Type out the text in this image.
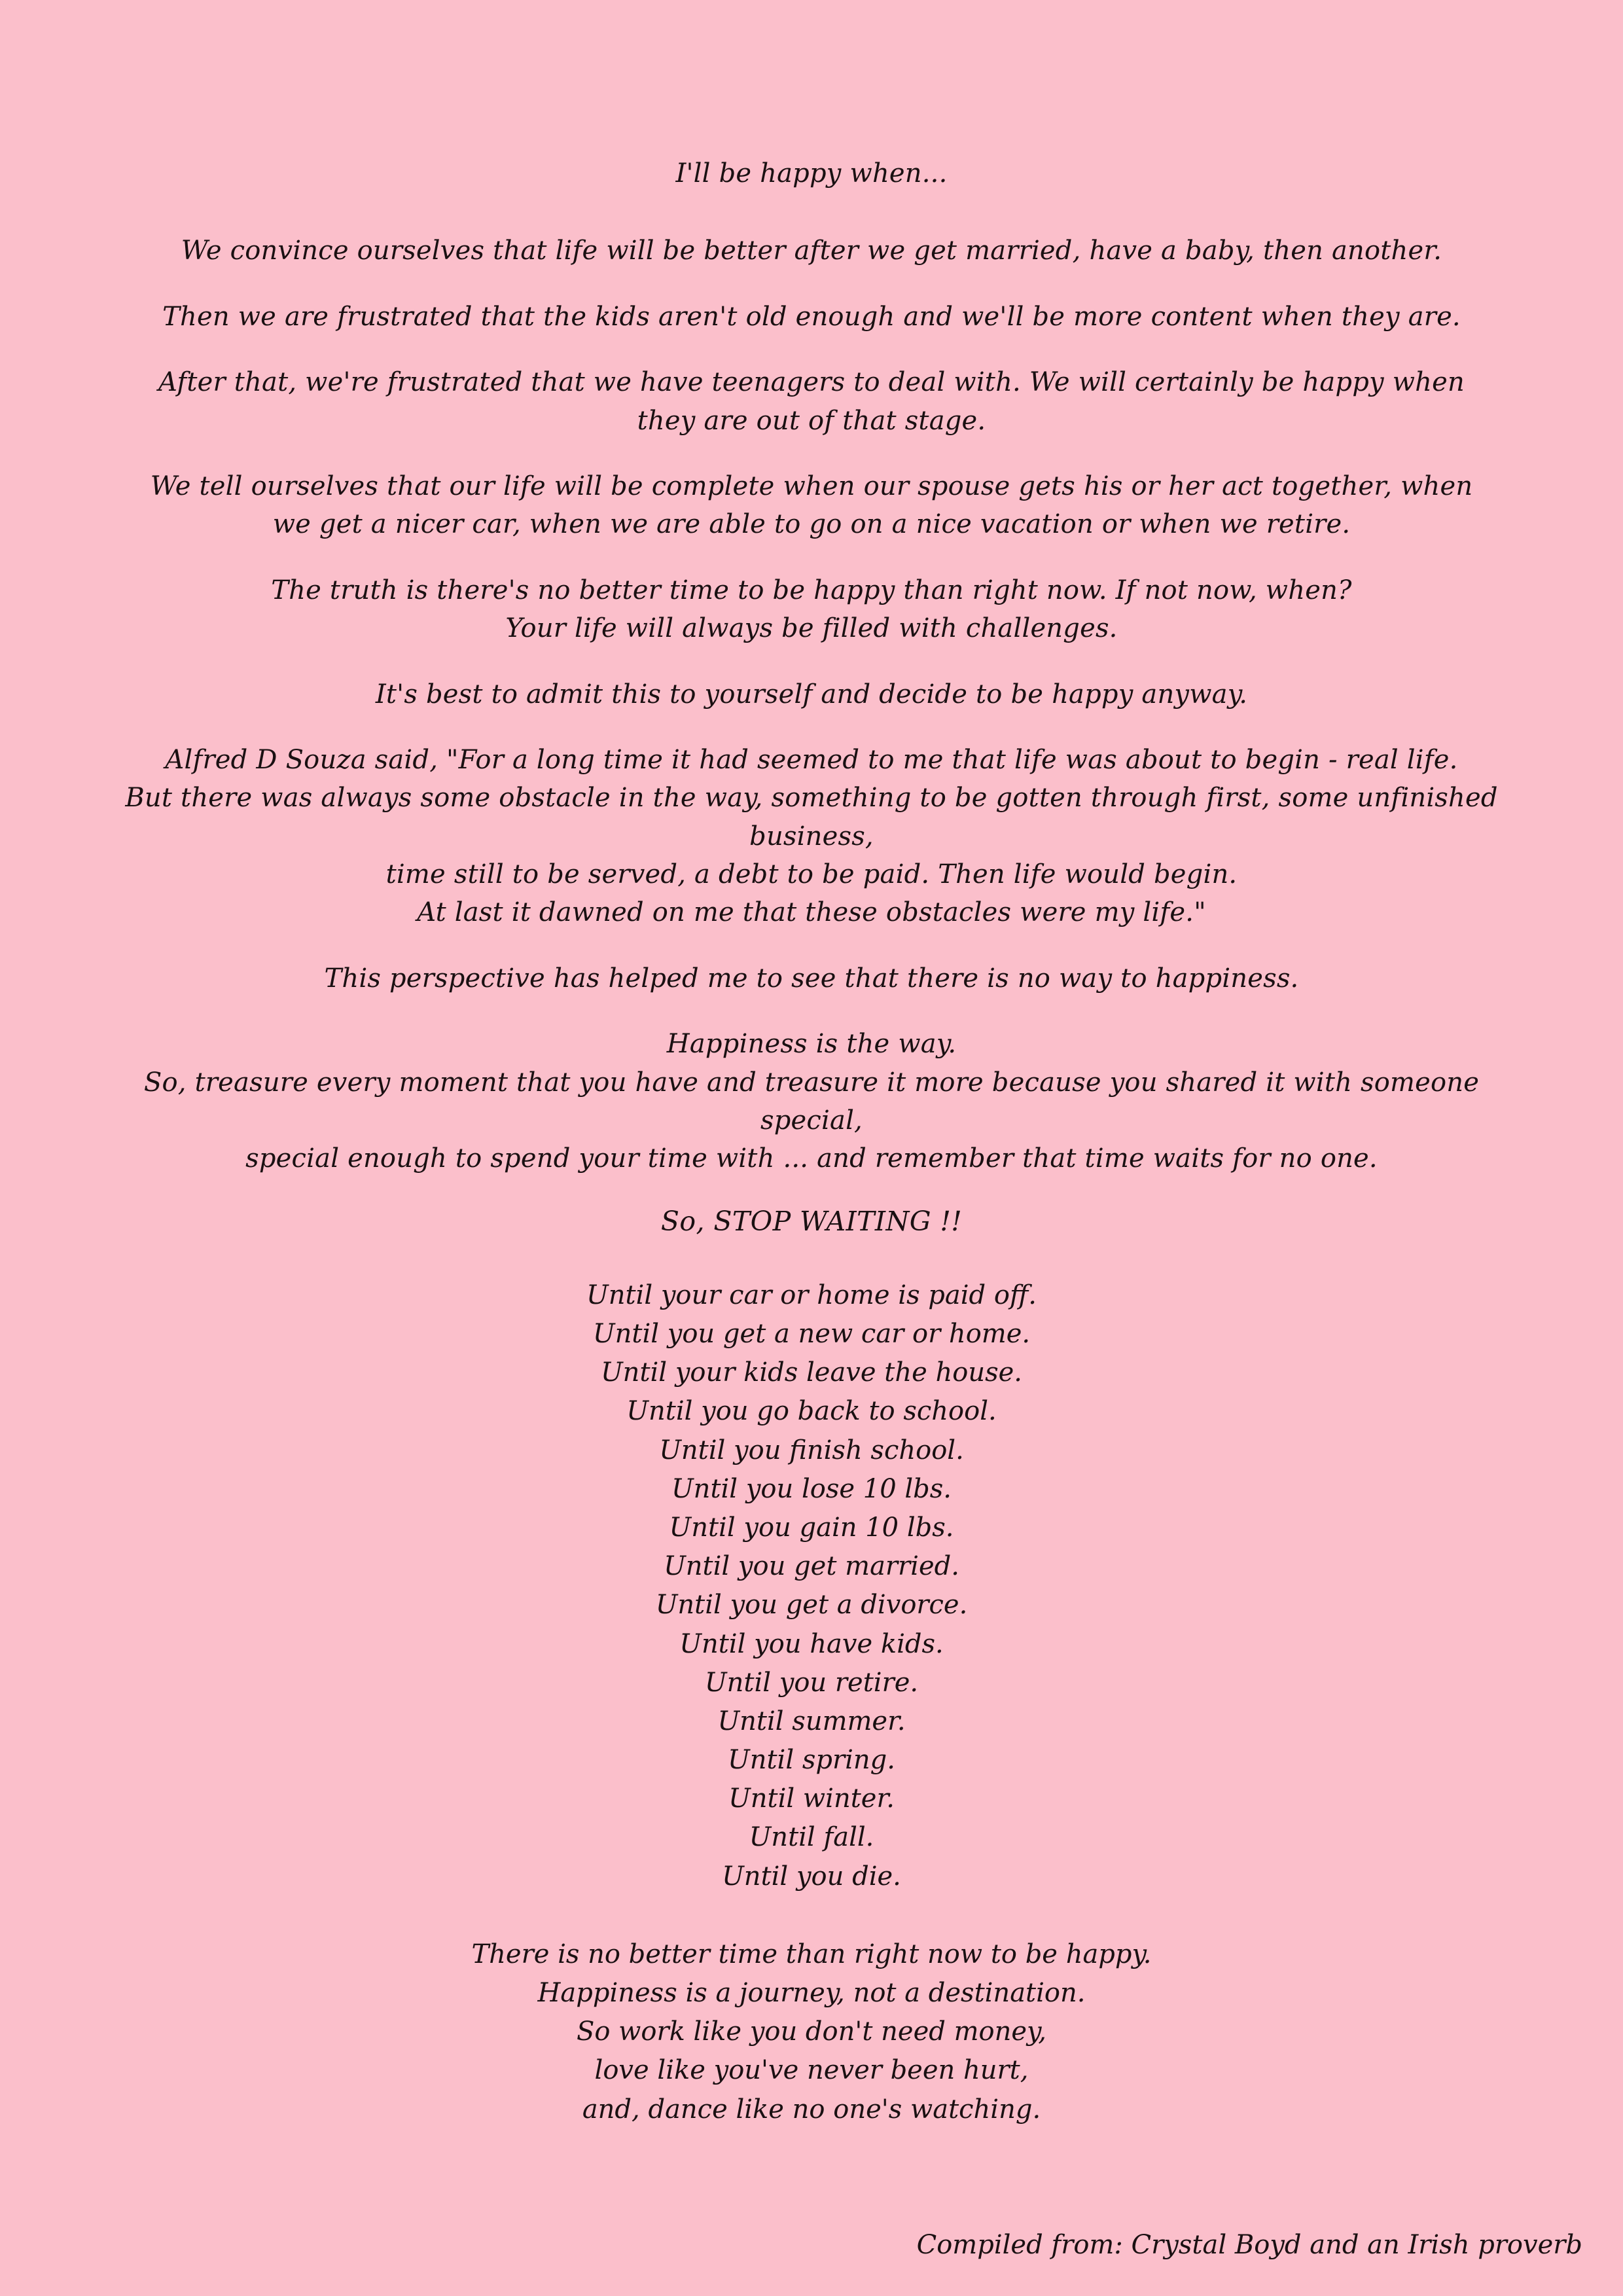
I'll be happy when...
We convince ourselves that life will be better after we get married, have a baby, then another.
Then we are frustrated that the kids aren't old enough and we'll be more content when they are.
After that, we're frustrated that we have teenagers to deal with. We will certainly be happy when
they are out of that stage.
We tell ourselves that our life will be complete when our spouse gets his or her act together, when
we get a nicer car, when we are able to go on a nice vacation or when we retire.
The truth is there's no better time to be happy than right now. If not now, when?
Your life will always be filled with challenges.
It's best to admit this to yourself and decide to be happy anyway.
Alfred D Souza said, "For a long time it had seemed to me that life was about to begin - real life.
But there was always some obstacle in the way, something to be gotten through first, some unfinished business,
time still to be served, a debt to be paid. Then life would begin.
At last it dawned on me that these obstacles were my life."
This perspective has helped me to see that there is no way to happiness.
Happiness is the way.
So, treasure every moment that you have and treasure it more because you shared it with someone special,
special enough to spend your time with ... and remember that time waits for no one.
So, STOP WAITING !!
Until your car or home is paid off.
Until you get a new car or home.
Until your kids leave the house.
Until you go back to school.
Until you finish school.
Until you lose 10 lbs.
Until you gain 10 lbs.
Until you get married.
Until you get a divorce.
Until you have kids.
Until you retire.
Until summer.
Until spring.
Until winter.
Until fall.
Until you die.
There is no better time than right now to be happy.
Happiness is a journey, not a destination.
So work like you don't need money,
love like you've never been hurt,
and, dance like no one's watching.
Compiled from: Crystal Boyd and an Irish proverb
